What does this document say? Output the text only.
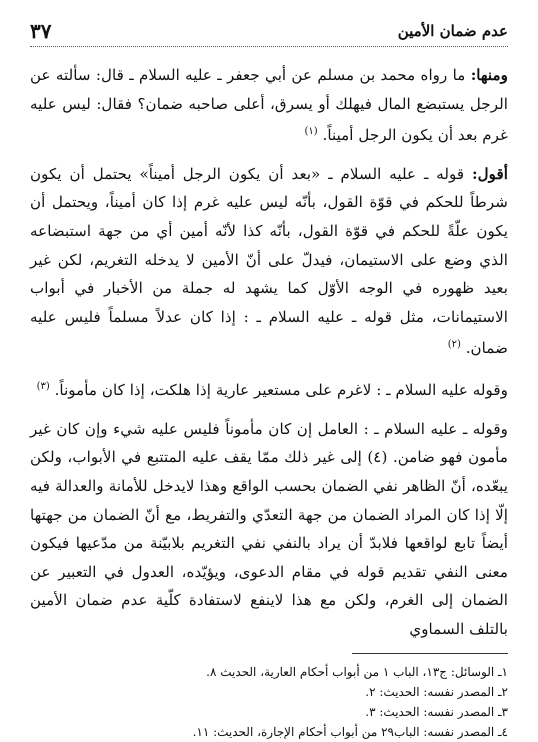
عدم ضمان الأمين
٣٧

ومنها: ما رواه محمد بن مسلم عن أبي جعفر ـ عليه السلام ـ قال: سألته عن الرجل يستبضع المال فيهلك أو يسرق، أعلى صاحبه ضمان؟ فقال: ليس عليه غرم بعد أن يكون الرجل أميناً. $^{(١)}$

أقول: قوله ـ عليه السلام ـ «بعد أن يكون الرجل أميناً» يحتمل أن يكون شرطاً للحكم في قوّة القول، بأنّه ليس عليه غرم إذا كان أميناً، ويحتمل أن يكون علّةً للحكم في قوّة القول، بأنّه كذا لأنّه أمين أي من جهة استبضاعه الذي وضع على الاستيمان، فيدلّ على أنّ الأمين لا يدخله التغريم، لكن غير بعيد ظهوره في الوجه الأوّل كما يشهد له جملة من الأخبار في أبواب الاستيمانات، مثل قوله ـ عليه السلام ـ : إذا كان عدلاً مسلماً فليس عليه ضمان. $^{(٢)}$

وقوله عليه السلام ـ : لاغرم على مستعير عارية إذا هلكت، إذا كان مأموناً. $^{(٣)}$

وقوله ـ عليه السلام ـ : العامل إن كان مأموناً فليس عليه شيء وإن كان غير مأمون فهو ضامن. (٤) إلى غير ذلك ممّا يقف عليه المتتبع في الأبواب، ولكن يبعّده، أنّ الظاهر نفي الضمان بحسب الواقع وهذا لايدخل للأمانة والعدالة فيه إلّا إذا كان المراد الضمان من جهة التعدّي والتفريط، مع أنّ الضمان من جهتها أيضاً تابع لواقعها فلابدّ أن يراد بالنفي نفي التغريم بلابيّنة من مدّعيها فيكون معنى النفي تقديم قوله في مقام الدعوى، ويؤيّده، العدول في التعبير عن الضمان إلى الغرم، ولكن مع هذا لاينفع لاستفادة كلّية عدم ضمان الأمين بالتلف السماوي

١ـ الوسائل: ج١٣، الباب ١ من أبواب أحكام العارية، الحديث ٨.

٢ـ المصدر نفسه: الحديث: ٢.

٣ـ المصدر نفسه: الحديث: ٣.

٤ـ المصدر نفسه: الباب٢٩ من أبواب أحكام الإجارة، الحديث: ١١.
